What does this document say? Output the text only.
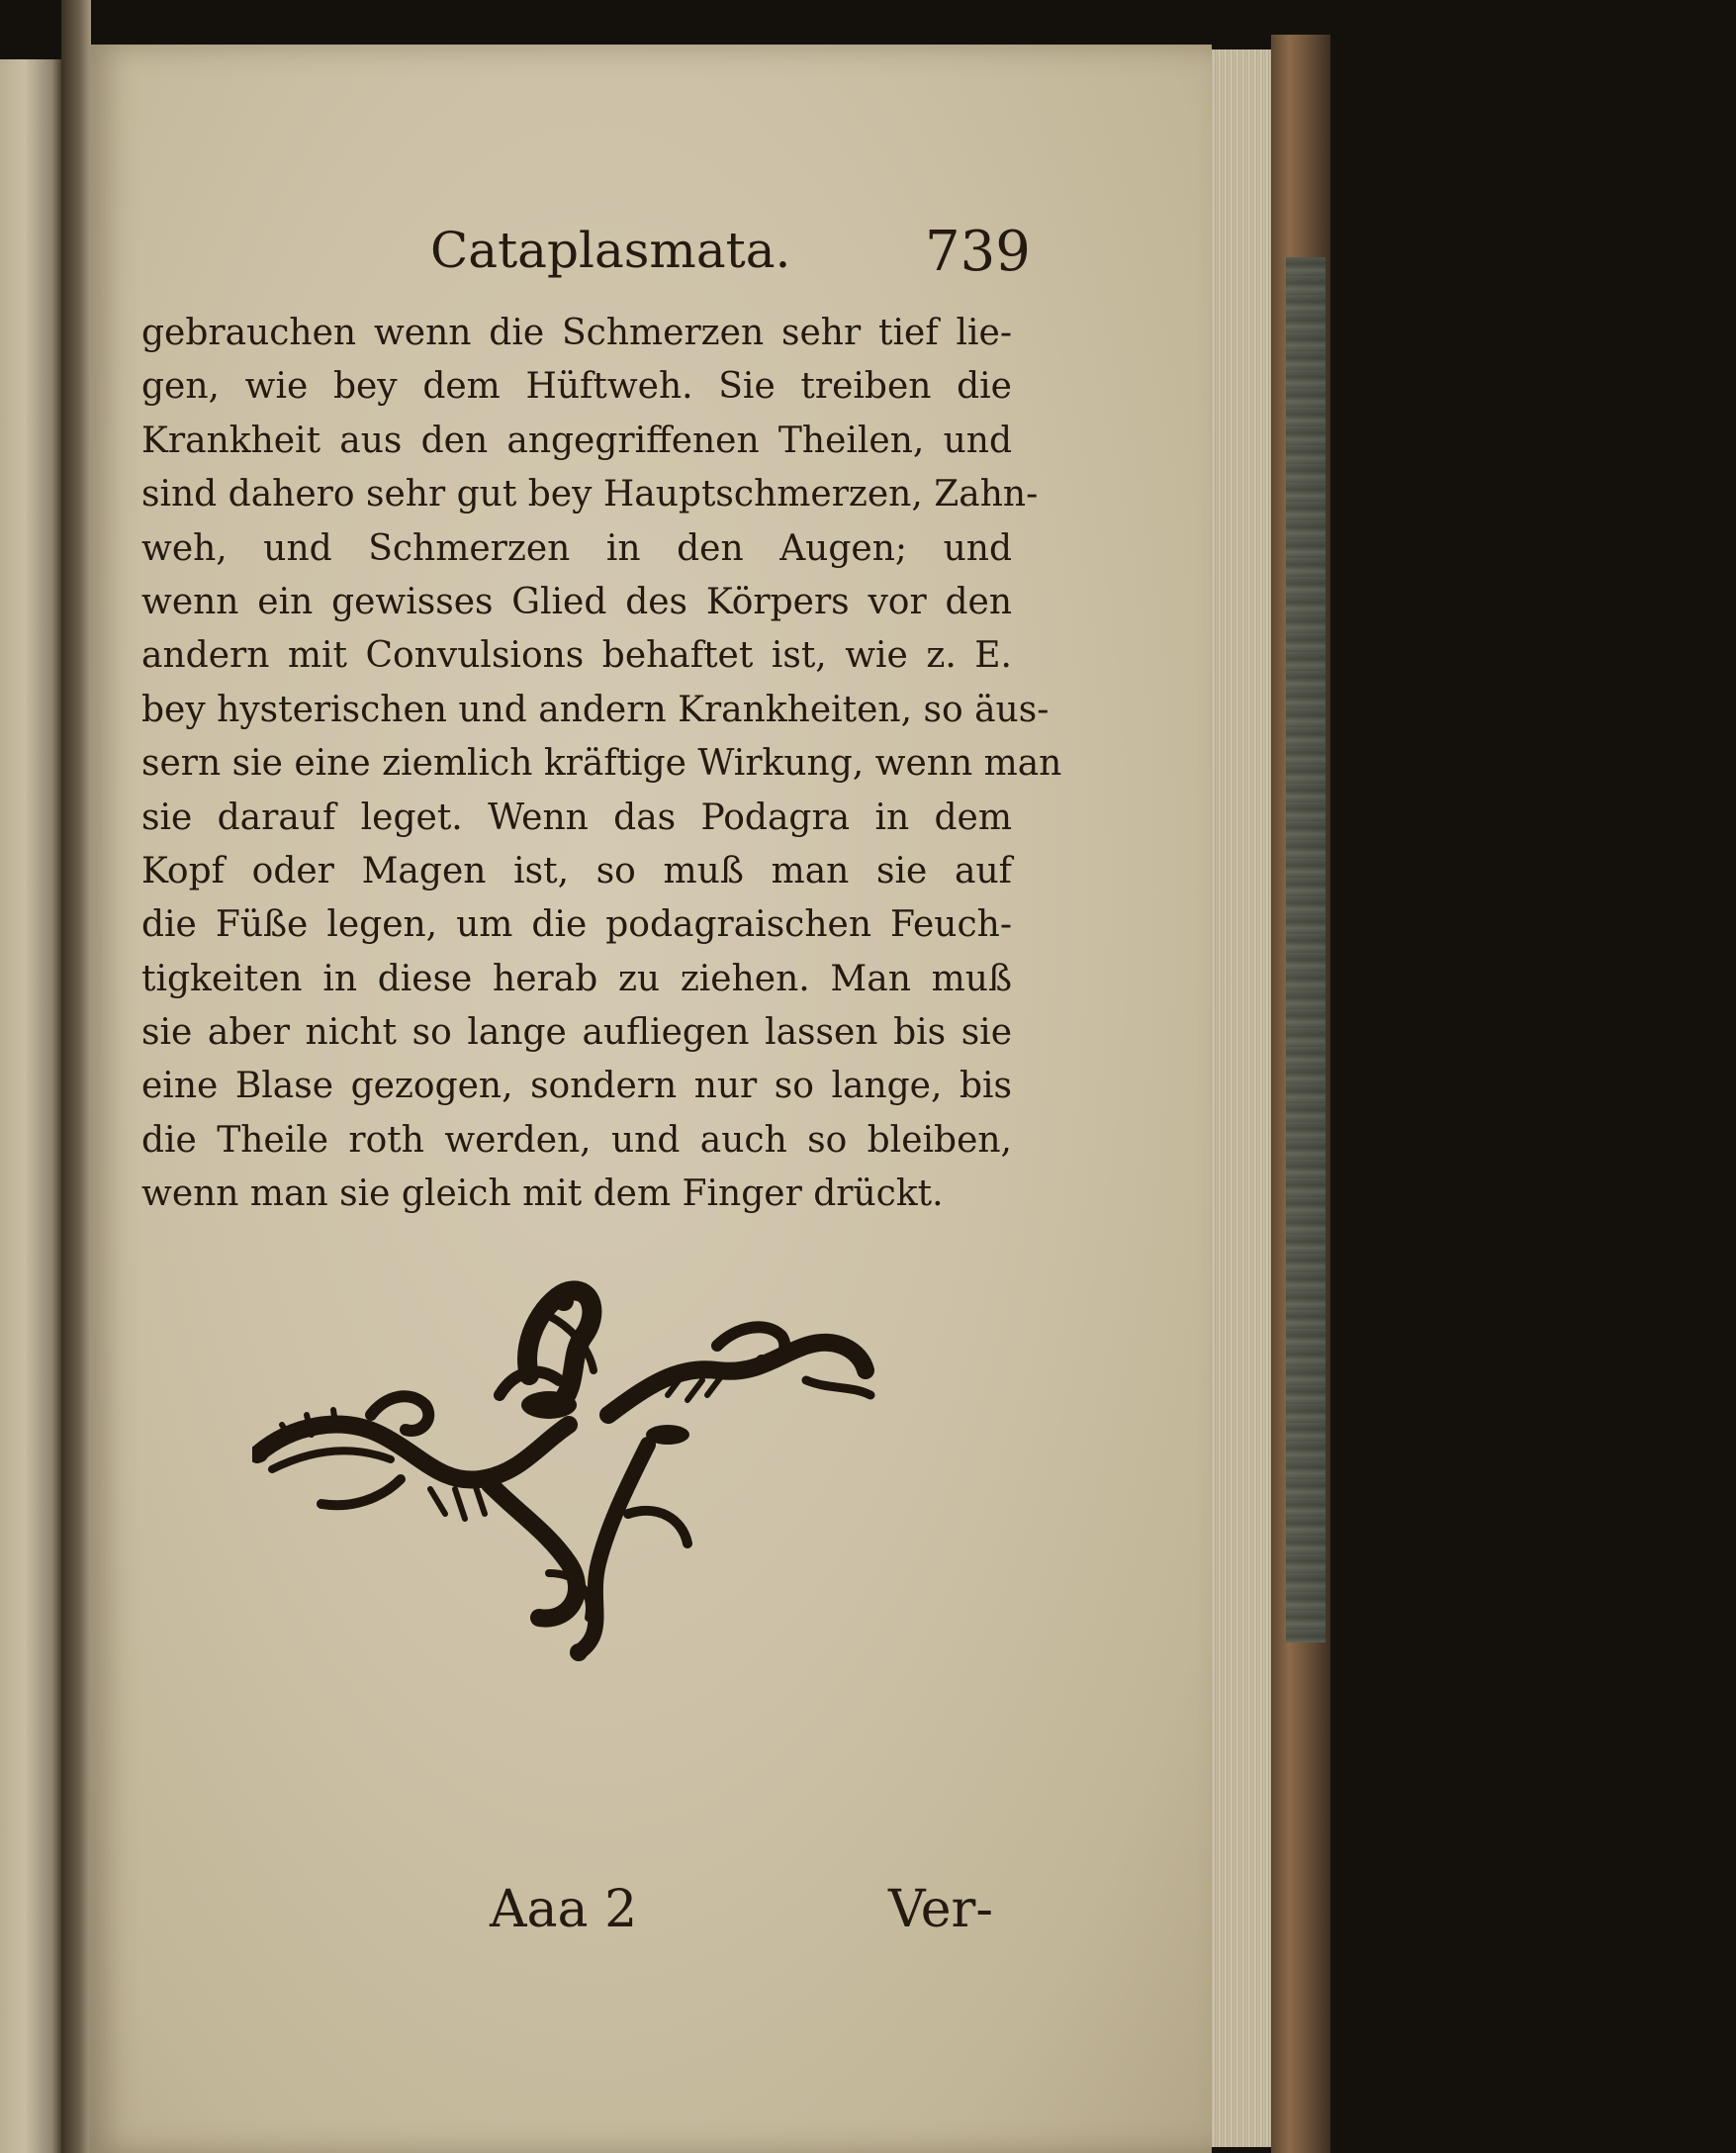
Cataplasmata. 739
gebrauchen wenn die Schmerzen sehr tief lie-
gen, wie bey dem Hüftweh. Sie treiben die
Krankheit aus den angegriffenen Theilen, und
sind dahero sehr gut bey Hauptschmerzen, Zahn-
weh, und Schmerzen in den Augen; und
wenn ein gewisses Glied des Körpers vor den
andern mit Convulsions behaftet ist, wie z. E.
bey hysterischen und andern Krankheiten, so äus-
sern sie eine ziemlich kräftige Wirkung, wenn man
sie darauf leget. Wenn das Podagra in dem
Kopf oder Magen ist, so muß man sie auf
die Füße legen, um die podagraischen Feuch-
tigkeiten in diese herab zu ziehen. Man muß
sie aber nicht so lange aufliegen lassen bis sie
eine Blase gezogen, sondern nur so lange, bis
die Theile roth werden, und auch so bleiben,
wenn man sie gleich mit dem Finger drückt.
Aaa 2	Ver-
